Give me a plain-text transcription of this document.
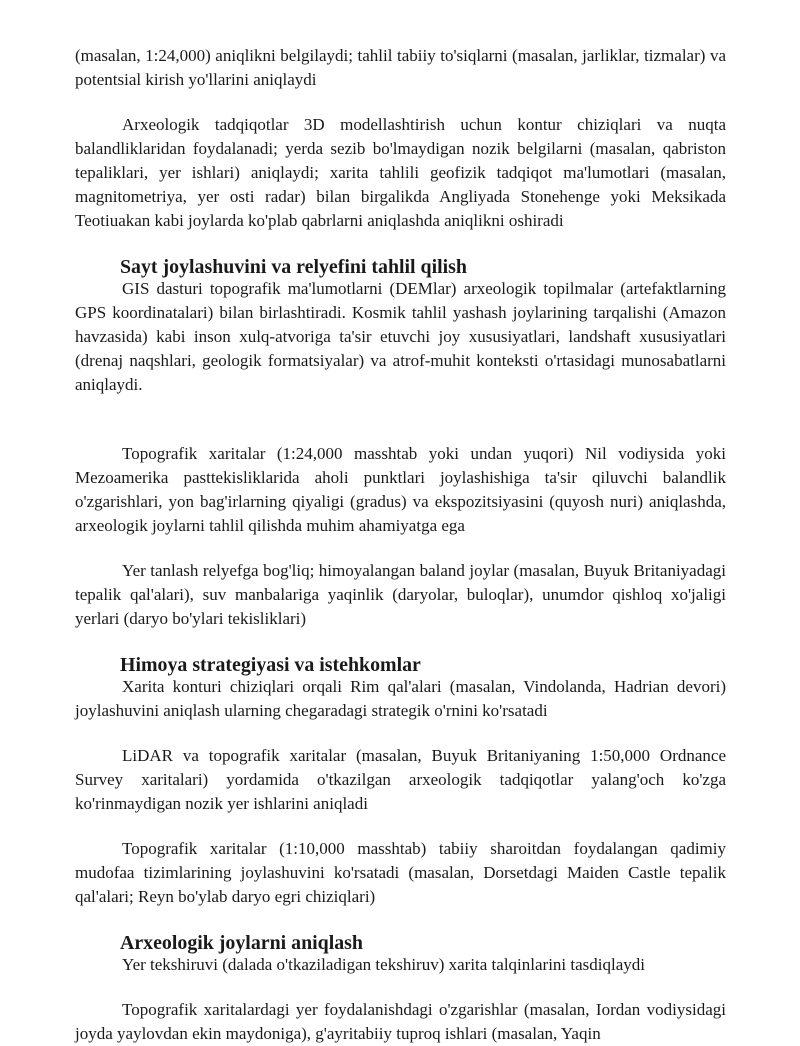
(masalan, 1:24,000) aniqlikni belgilaydi; tahlil tabiiy to'siqlarni (masalan, jarliklar, tizmalar) va potentsial kirish yo'llarini aniqlaydi

Arxeologik tadqiqotlar 3D modellashtirish uchun kontur chiziqlari va nuqta balandliklaridan foydalanadi; yerda sezib bo'lmaydigan nozik belgilarni (masalan, qabriston tepaliklari, yer ishlari) aniqlaydi; xarita tahlili geofizik tadqiqot ma'lumotlari (masalan, magnitometriya, yer osti radar) bilan birgalikda Angliyada Stonehenge yoki Meksikada Teotiuakan kabi joylarda ko'plab qabrlarni aniqlashda aniqlikni oshiradi

Sayt joylashuvini va relyefini tahlil qilish

GIS dasturi topografik ma'lumotlarni (DEMlar) arxeologik topilmalar (artefaktlarning GPS koordinatalari) bilan birlashtiradi. Kosmik tahlil yashash joylarining tarqalishi (Amazon havzasida) kabi inson xulq-atvoriga ta'sir etuvchi joy xususiyatlari, landshaft xususiyatlari (drenaj naqshlari, geologik formatsiyalar) va atrof-muhit konteksti o'rtasidagi munosabatlarni aniqlaydi.

Topografik xaritalar (1:24,000 masshtab yoki undan yuqori) Nil vodiysida yoki Mezoamerika pasttekisliklarida aholi punktlari joylashishiga ta'sir qiluvchi balandlik o'zgarishlari, yon bag'irlarning qiyaligi (gradus) va ekspozitsiyasini (quyosh nuri) aniqlashda, arxeologik joylarni tahlil qilishda muhim ahamiyatga ega

Yer tanlash relyefga bog'liq; himoyalangan baland joylar (masalan, Buyuk Britaniyadagi tepalik qal'alari), suv manbalariga yaqinlik (daryolar, buloqlar), unumdor qishloq xo'jaligi yerlari (daryo bo'ylari tekisliklari)

Himoya strategiyasi va istehkomlar

Xarita konturi chiziqlari orqali Rim qal'alari (masalan, Vindolanda, Hadrian devori) joylashuvini aniqlash ularning chegaradagi strategik o'rnini ko'rsatadi

LiDAR va topografik xaritalar (masalan, Buyuk Britaniyaning 1:50,000 Ordnance Survey xaritalari) yordamida o'tkazilgan arxeologik tadqiqotlar yalang'och ko'zga ko'rinmaydigan nozik yer ishlarini aniqladi

Topografik xaritalar (1:10,000 masshtab) tabiiy sharoitdan foydalangan qadimiy mudofaa tizimlarining joylashuvini ko'rsatadi (masalan, Dorsetdagi Maiden Castle tepalik qal'alari; Reyn bo'ylab daryo egri chiziqlari)

Arxeologik joylarni aniqlash

Yer tekshiruvi (dalada o'tkaziladigan tekshiruv) xarita talqinlarini tasdiqlaydi

Topografik xaritalardagi yer foydalanishdagi o'zgarishlar (masalan, Iordan vodiysidagi joyda yaylovdan ekin maydoniga), g'ayritabiiy tuproq ishlari (masalan, Yaqin
